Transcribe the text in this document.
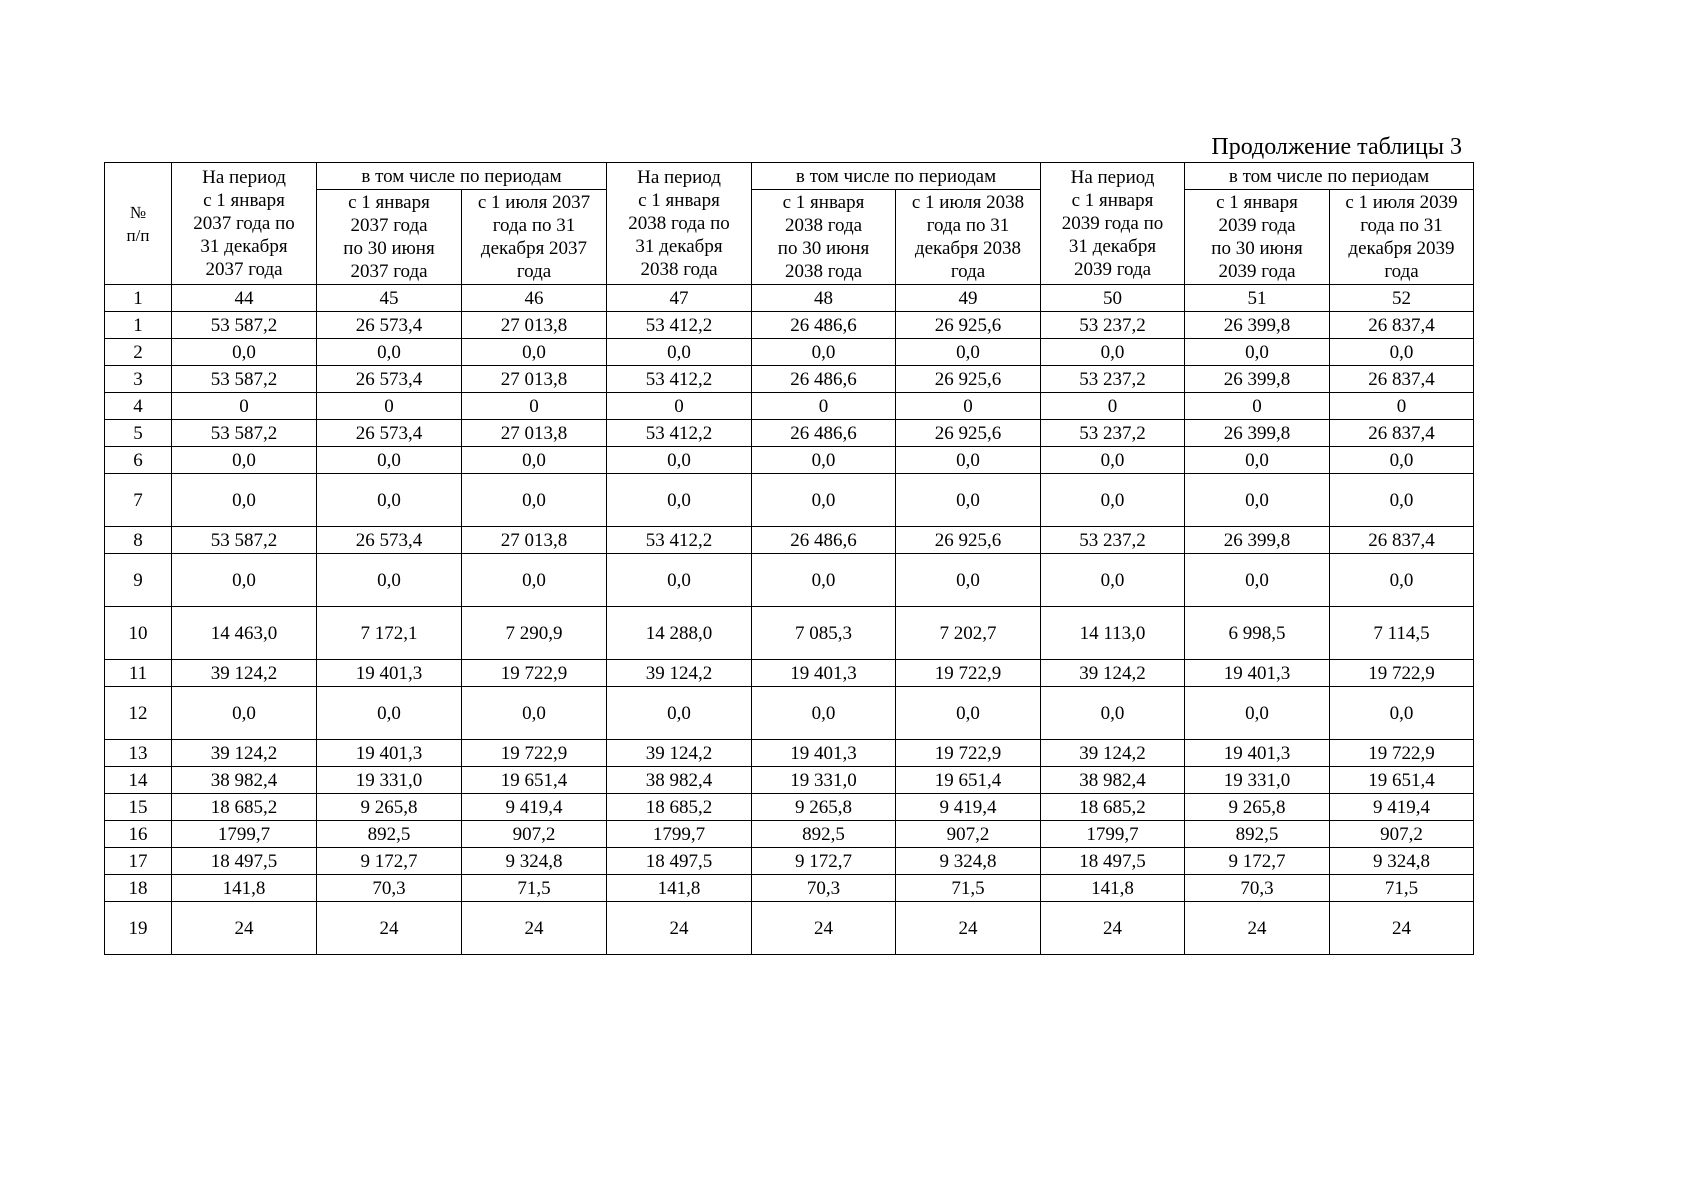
Продолжение таблицы 3
№
п/п	На период
с 1 января
2037 года по
31 декабря
2037 года	в том числе по периодам		На период
с 1 января
2038 года по
31 декабря
2038 года	в том числе по периодам		На период
с 1 января
2039 года по
31 декабря
2039 года	в том числе по периодам	
		с 1 января
2037 года
по 30 июня
2037 года	с 1 июля 2037
года по 31
декабря 2037
года		с 1 января
2038 года
по 30 июня
2038 года	с 1 июля 2038
года по 31
декабря 2038
года		с 1 января
2039 года
по 30 июня
2039 года	с 1 июля 2039
года по 31
декабря 2039
года
1	44	45	46	47	48	49	50	51	52
1	53 587,2	26 573,4	27 013,8	53 412,2	26 486,6	26 925,6	53 237,2	26 399,8	26 837,4
2	0,0	0,0	0,0	0,0	0,0	0,0	0,0	0,0	0,0
3	53 587,2	26 573,4	27 013,8	53 412,2	26 486,6	26 925,6	53 237,2	26 399,8	26 837,4
4	0	0	0	0	0	0	0	0	0
5	53 587,2	26 573,4	27 013,8	53 412,2	26 486,6	26 925,6	53 237,2	26 399,8	26 837,4
6	0,0	0,0	0,0	0,0	0,0	0,0	0,0	0,0	0,0
7	0,0	0,0	0,0	0,0	0,0	0,0	0,0	0,0	0,0
8	53 587,2	26 573,4	27 013,8	53 412,2	26 486,6	26 925,6	53 237,2	26 399,8	26 837,4
9	0,0	0,0	0,0	0,0	0,0	0,0	0,0	0,0	0,0
10	14 463,0	7 172,1	7 290,9	14 288,0	7 085,3	7 202,7	14 113,0	6 998,5	7 114,5
11	39 124,2	19 401,3	19 722,9	39 124,2	19 401,3	19 722,9	39 124,2	19 401,3	19 722,9
12	0,0	0,0	0,0	0,0	0,0	0,0	0,0	0,0	0,0
13	39 124,2	19 401,3	19 722,9	39 124,2	19 401,3	19 722,9	39 124,2	19 401,3	19 722,9
14	38 982,4	19 331,0	19 651,4	38 982,4	19 331,0	19 651,4	38 982,4	19 331,0	19 651,4
15	18 685,2	9 265,8	9 419,4	18 685,2	9 265,8	9 419,4	18 685,2	9 265,8	9 419,4
16	1799,7	892,5	907,2	1799,7	892,5	907,2	1799,7	892,5	907,2
17	18 497,5	9 172,7	9 324,8	18 497,5	9 172,7	9 324,8	18 497,5	9 172,7	9 324,8
18	141,8	70,3	71,5	141,8	70,3	71,5	141,8	70,3	71,5
19	24	24	24	24	24	24	24	24	24
